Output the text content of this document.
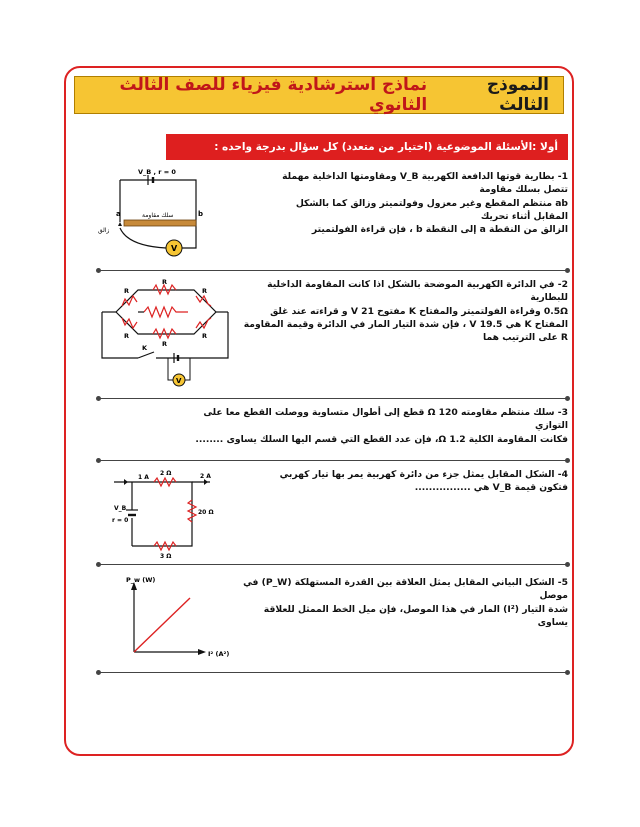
النموذج الثالث
نماذج استرشادية فيزياء للصف الثالث الثانوي
أولا :الأسئلة الموضوعية (اختيار من متعدد) كل سؤال بدرجة واحده :
1- بطارية قوتها الدافعة الكهربية V_B ومقاومتها الداخلية مهملة تتصل بسلك مقاومة
ab منتظم المقطع وغير معزول وفولتميتر وزالق كما بالشكل المقابل أثناء تحريك
الزالق من النقطة a إلى النقطة b ، فإن قراءة الفولتميتر
V_B , r = 0
سلك مقاومة
a	b
V
زالق
2- في الدائرة الكهربية الموضحة بالشكل اذا كانت المقاومة الداخلية للبطارية
0.5Ω وقراءة الفولتميتر والمفتاح K مفتوح 21 V و قراءته عند غلق
المفتاح K هي 19.5 V ، فإن شدة التيار المار في الدائرة وقيمة المقاومة
R على الترتيب هما
R	R
R
R	R
R
K
V
3- سلك منتظم مقاومته 120 Ω قطع إلى أطوال متساوية ووصلت القطع معا على التوازي
فكانت المقاومة الكلية 1.2 Ω، فإن عدد القطع التي قسم اليها السلك يساوى ........
4- الشكل المقابل يمثل جزء من دائرة كهربية يمر بها تيار كهربي
فتكون قيمة V_B هي ................
1 A	2 A
2 Ω
20 Ω
3 Ω
V_B
r = 0
5- الشكل البياني المقابل يمثل العلاقة بين القدرة المستهلكة (P_W) في موصل
شدة التيار (I²) المار في هذا الموصل، فإن ميل الخط الممثل للعلاقة يساوى
P_w (W)
I² (A²)
